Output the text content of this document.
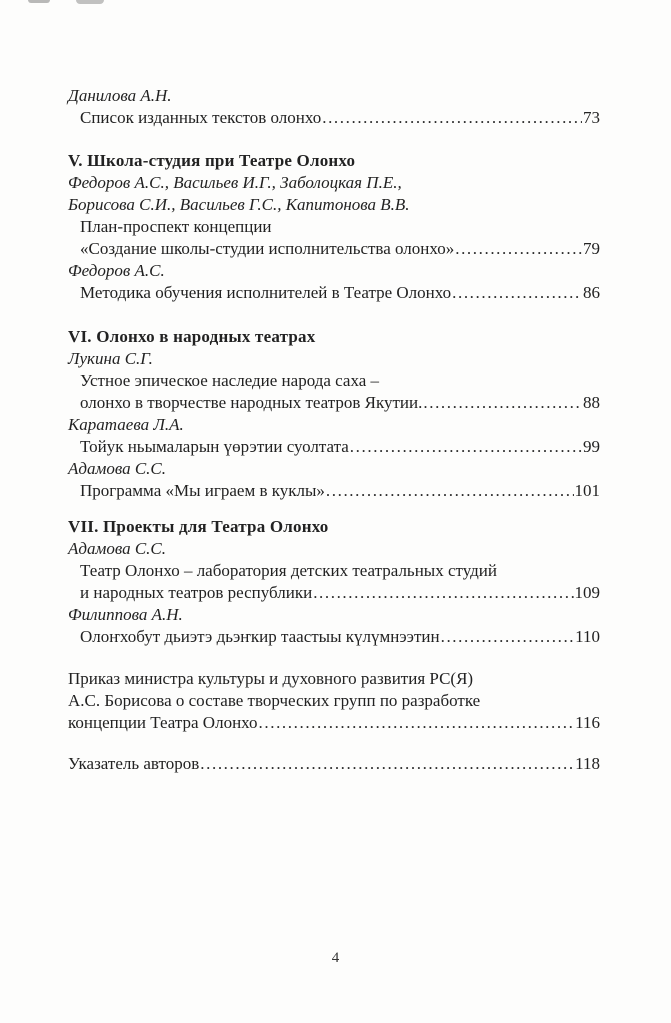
Данилова А.Н.
Список изданных текстов олонхо .....	73
V. Школа-студия при Театре Олонхо
Федоров А.С., Васильев И.Г., Заболоцкая П.Е.,
Борисова С.И., Васильев Г.С., Капитонова В.В.
План-проспект концепции
«Создание школы-студии исполнительства олонхо» .....	79
Федоров А.С.
Методика обучения исполнителей в Театре Олонхо .....	86
VI. Олонхо в народных театрах
Лукина С.Г.
Устное эпическое наследие народа саха –
олонхо в творчестве народных театров Якутии. .....	88
Каратаева Л.А.
Тойук ньымаларын үөрэтии суолтата .....	99
Адамова С.С.
Программа «Мы играем в куклы» .....	101
VII. Проекты для Театра Олонхо
Адамова С.С.
Театр Олонхо – лаборатория детских театральных студий
и народных театров республики .....	109
Филиппова А.Н.
Олоҥхобут дьиэтэ дьэҥкир таастыы күлүмнээтин .....	110
Приказ министра культуры и духовного развития РС(Я)
А.С. Борисова о составе творческих групп по разработке
концепции Театра Олонхо .....	116
Указатель авторов .....	118
4
